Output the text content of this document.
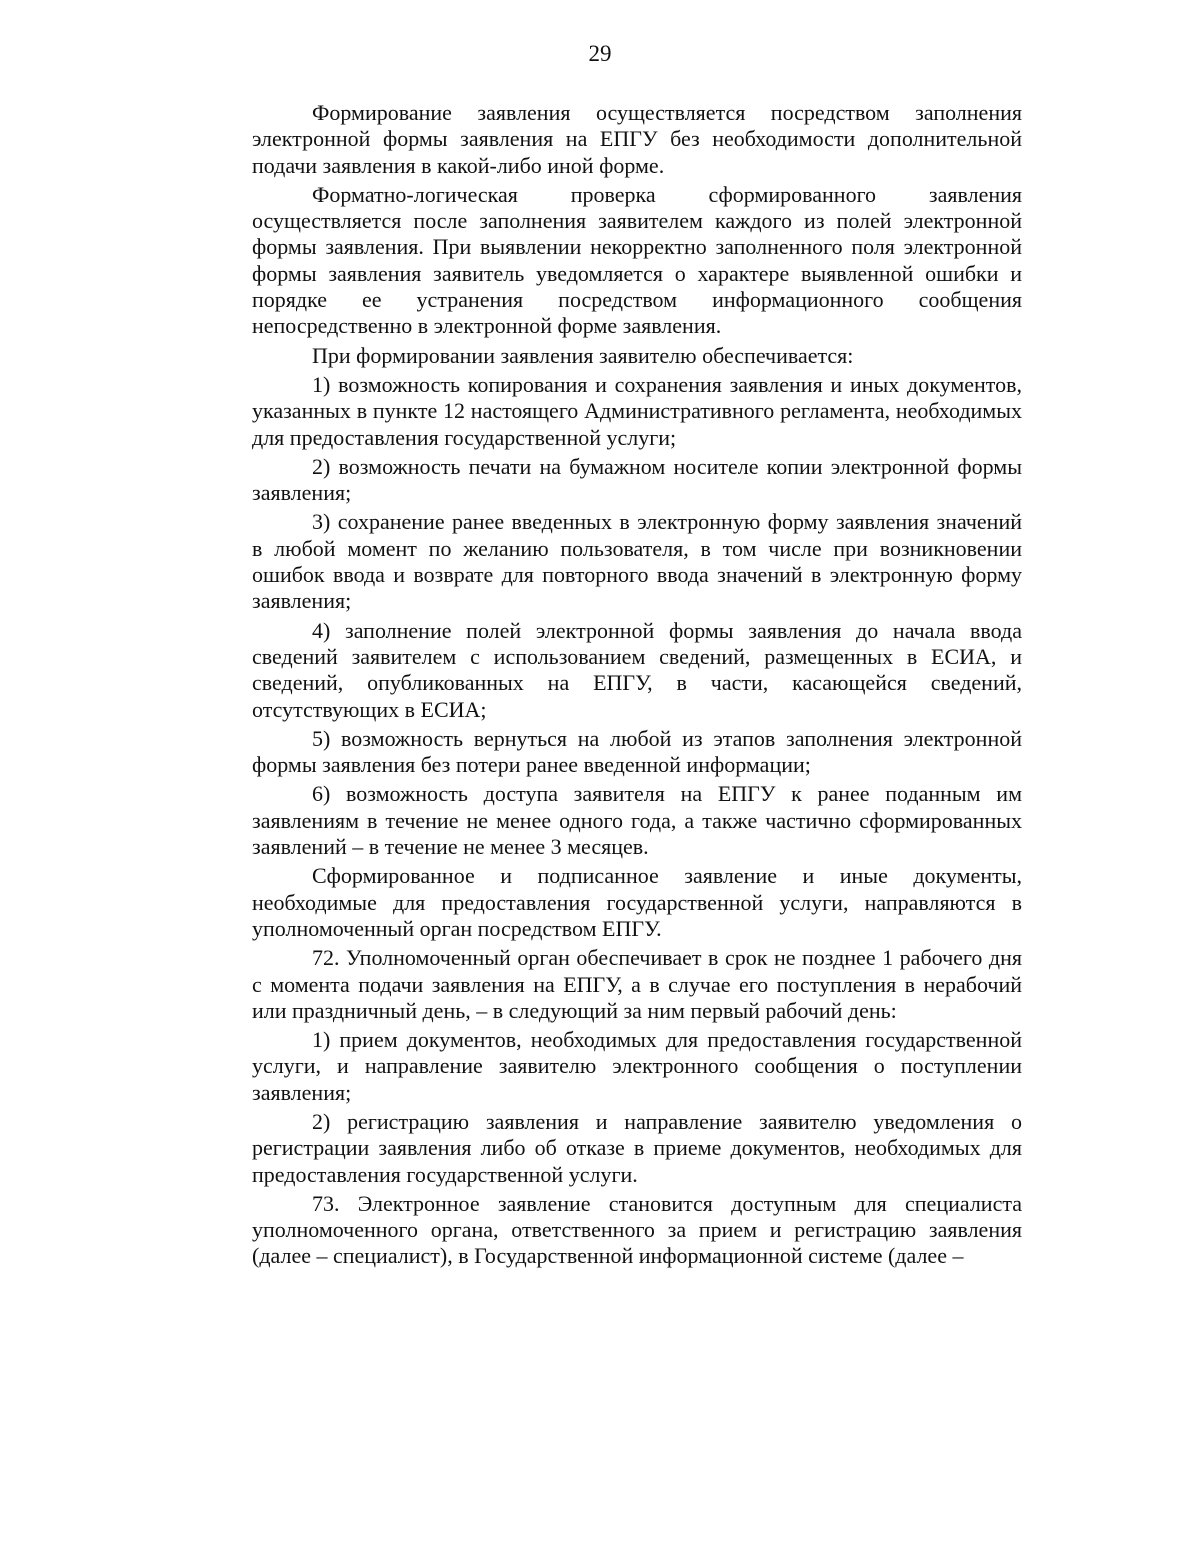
29

Формирование заявления осуществляется посредством заполнения электронной формы заявления на ЕПГУ без необходимости дополнительной подачи заявления в какой-либо иной форме.

Форматно-логическая проверка сформированного заявления осуществляется после заполнения заявителем каждого из полей электронной формы заявления. При выявлении некорректно заполненного поля электронной формы заявления заявитель уведомляется о характере выявленной ошибки и порядке ее устранения посредством информационного сообщения непосредственно в электронной форме заявления.

При формировании заявления заявителю обеспечивается:

1) возможность копирования и сохранения заявления и иных документов, указанных в пункте 12 настоящего Административного регламента, необходимых для предоставления государственной услуги;

2) возможность печати на бумажном носителе копии электронной формы заявления;

3) сохранение ранее введенных в электронную форму заявления значений в любой момент по желанию пользователя, в том числе при возникновении ошибок ввода и возврате для повторного ввода значений в электронную форму заявления;

4) заполнение полей электронной формы заявления до начала ввода сведений заявителем с использованием сведений, размещенных в ЕСИА, и сведений, опубликованных на ЕПГУ, в части, касающейся сведений, отсутствующих в ЕСИА;

5) возможность вернуться на любой из этапов заполнения электронной формы заявления без потери ранее введенной информации;

6) возможность доступа заявителя на ЕПГУ к ранее поданным им заявлениям в течение не менее одного года, а также частично сформированных заявлений – в течение не менее 3 месяцев.

Сформированное и подписанное заявление и иные документы, необходимые для предоставления государственной услуги, направляются в уполномоченный орган посредством ЕПГУ.

72. Уполномоченный орган обеспечивает в срок не позднее 1 рабочего дня с момента подачи заявления на ЕПГУ, а в случае его поступления в нерабочий или праздничный день, – в следующий за ним первый рабочий день:

1) прием документов, необходимых для предоставления государственной услуги, и направление заявителю электронного сообщения о поступлении заявления;

2) регистрацию заявления и направление заявителю уведомления о регистрации заявления либо об отказе в приеме документов, необходимых для предоставления государственной услуги.

73. Электронное заявление становится доступным для специалиста уполномоченного органа, ответственного за прием и регистрацию заявления (далее – специалист), в Государственной информационной системе (далее –
